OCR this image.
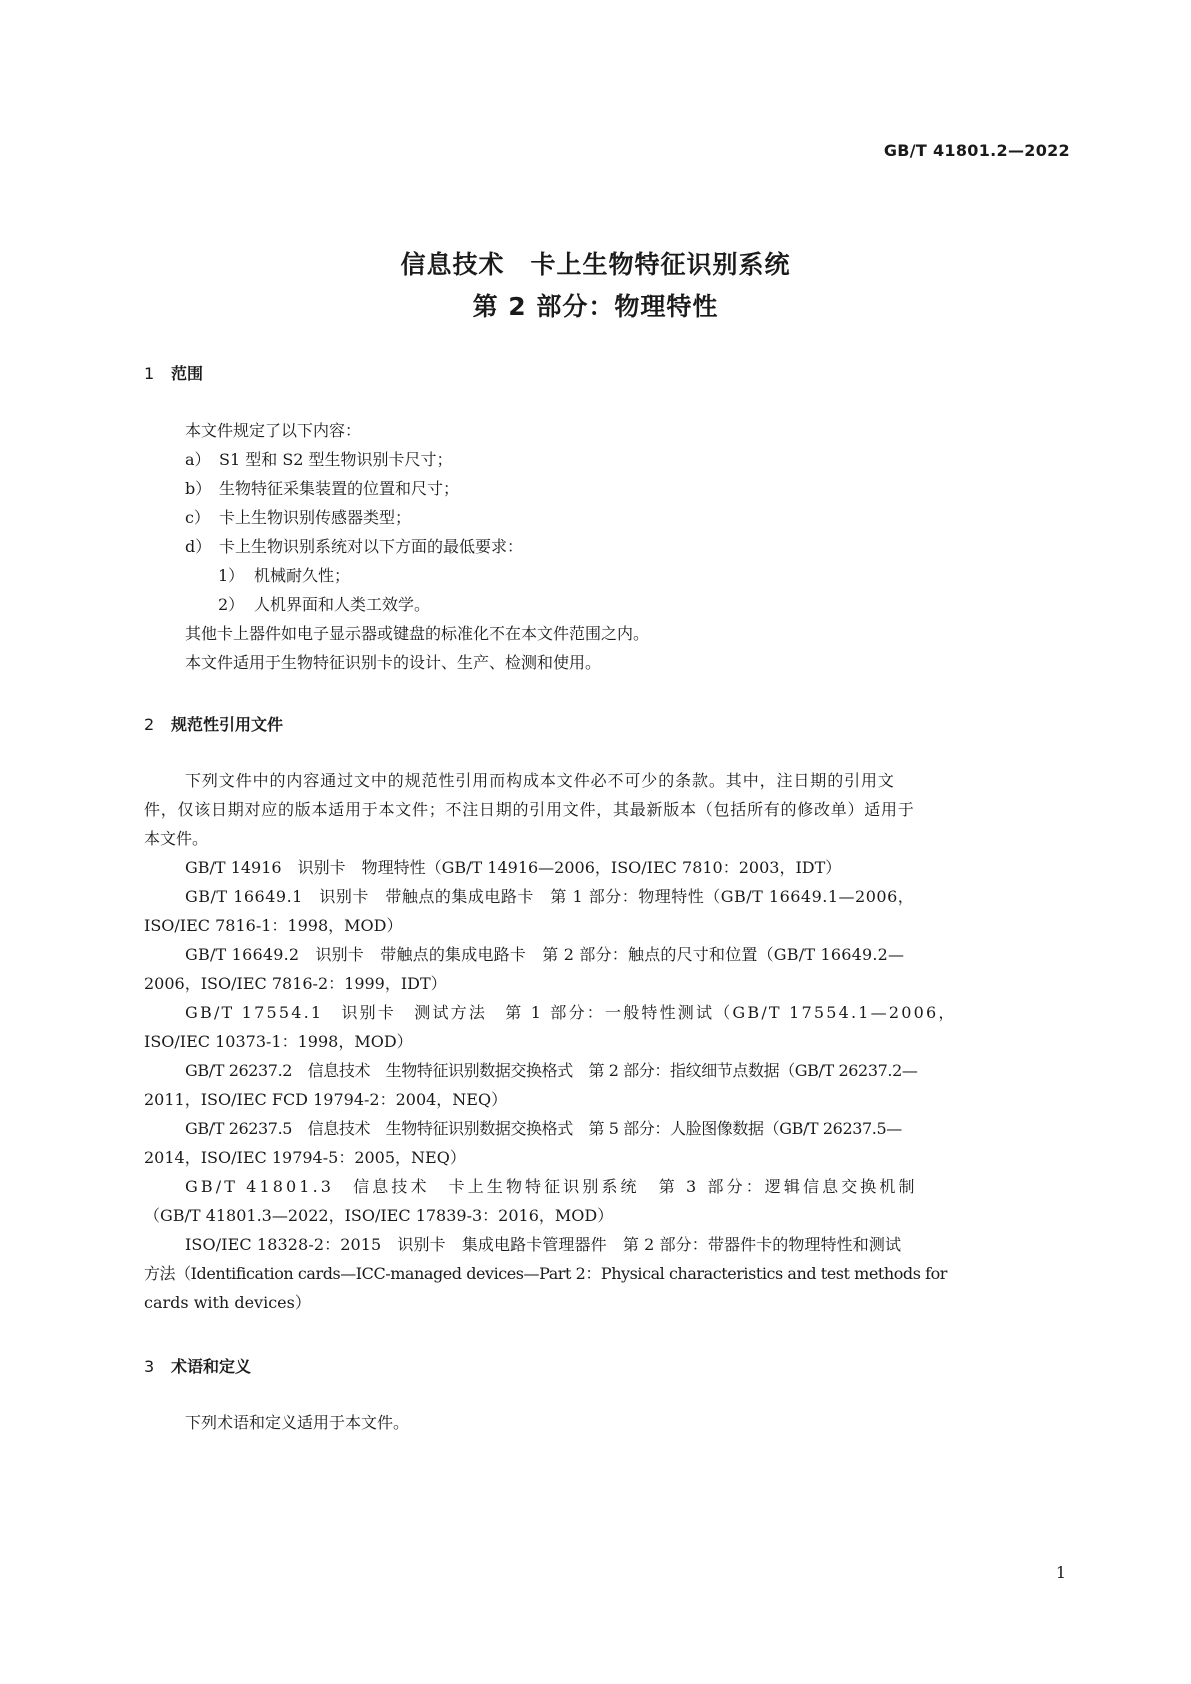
GB/T 41801.2—2022
信息技术　卡上生物特征识别系统
第 2 部分：物理特性
1 范围
本文件规定了以下内容：
a） S1 型和 S2 型生物识别卡尺寸；
b） 生物特征采集装置的位置和尺寸；
c） 卡上生物识别传感器类型；
d） 卡上生物识别系统对以下方面的最低要求：
1） 机械耐久性；
2） 人机界面和人类工效学。
其他卡上器件如电子显示器或键盘的标准化不在本文件范围之内。
本文件适用于生物特征识别卡的设计、生产、检测和使用。
2 规范性引用文件
下列文件中的内容通过文中的规范性引用而构成本文件必不可少的条款。其中，注日期的引用文
件，仅该日期对应的版本适用于本文件；不注日期的引用文件，其最新版本（包括所有的修改单）适用于
本文件。
GB/T 14916　识别卡　物理特性（GB/T 14916—2006，ISO/IEC 7810：2003，IDT）
GB/T 16649.1　识别卡　带触点的集成电路卡　第 1 部分：物理特性（GB/T 16649.1—2006，
ISO/IEC 7816-1：1998，MOD）
GB/T 16649.2　识别卡　带触点的集成电路卡　第 2 部分：触点的尺寸和位置（GB/T 16649.2—
2006，ISO/IEC 7816-2：1999，IDT）
GB/T 17554.1　识别卡　测试方法　第 1 部分：一般特性测试（GB/T 17554.1—2006，
ISO/IEC 10373-1：1998，MOD）
GB/T 26237.2　信息技术　生物特征识别数据交换格式　第 2 部分：指纹细节点数据（GB/T 26237.2—
2011，ISO/IEC FCD 19794-2：2004，NEQ）
GB/T 26237.5　信息技术　生物特征识别数据交换格式　第 5 部分：人脸图像数据（GB/T 26237.5—
2014，ISO/IEC 19794-5：2005，NEQ）
GB/T 41801.3　信息技术　卡上生物特征识别系统　第 3 部分：逻辑信息交换机制
（GB/T 41801.3—2022，ISO/IEC 17839-3：2016，MOD）
ISO/IEC 18328-2：2015　识别卡　集成电路卡管理器件　第 2 部分：带器件卡的物理特性和测试
方法（Identification cards—ICC-managed devices—Part 2：Physical characteristics and test methods for
cards with devices）
3 术语和定义
下列术语和定义适用于本文件。
1
